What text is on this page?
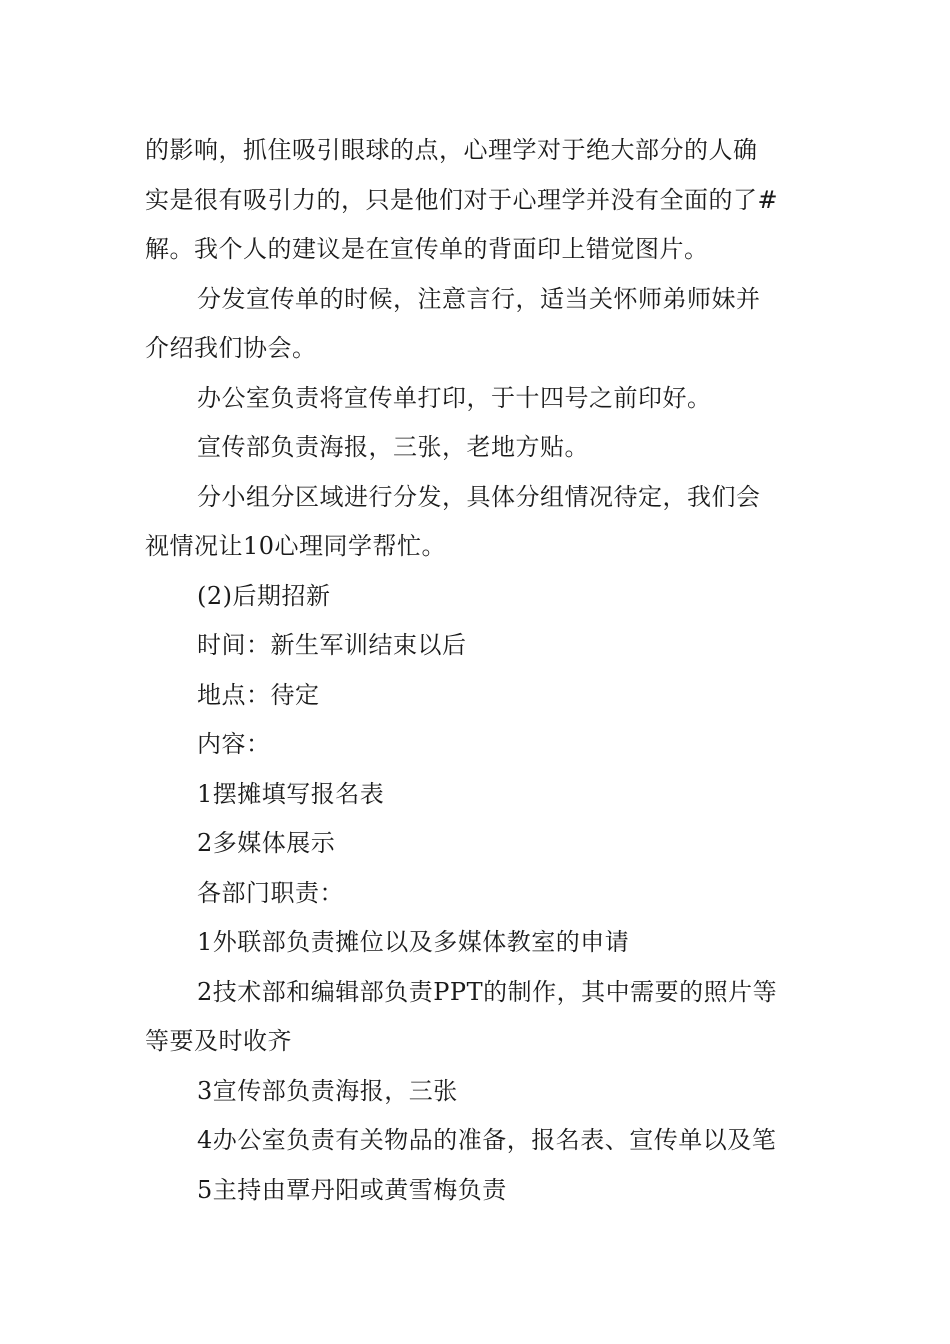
的影响，抓住吸引眼球的点，心理学对于绝大部分的人确

实是很有吸引力的，只是他们对于心理学并没有全面的了#

解。我个人的建议是在宣传单的背面印上错觉图片。

分发宣传单的时候，注意言行，适当关怀师弟师妹并

介绍我们协会。

办公室负责将宣传单打印，于十四号之前印好。

宣传部负责海报，三张，老地方贴。

分小组分区域进行分发，具体分组情况待定，我们会

视情况让10心理同学帮忙。

(2)后期招新

时间：新生军训结束以后

地点：待定

内容：

1摆摊填写报名表

2多媒体展示

各部门职责：

1外联部负责摊位以及多媒体教室的申请

2技术部和编辑部负责PPT的制作，其中需要的照片等

等要及时收齐

3宣传部负责海报，三张

4办公室负责有关物品的准备，报名表、宣传单以及笔

5主持由覃丹阳或黄雪梅负责
